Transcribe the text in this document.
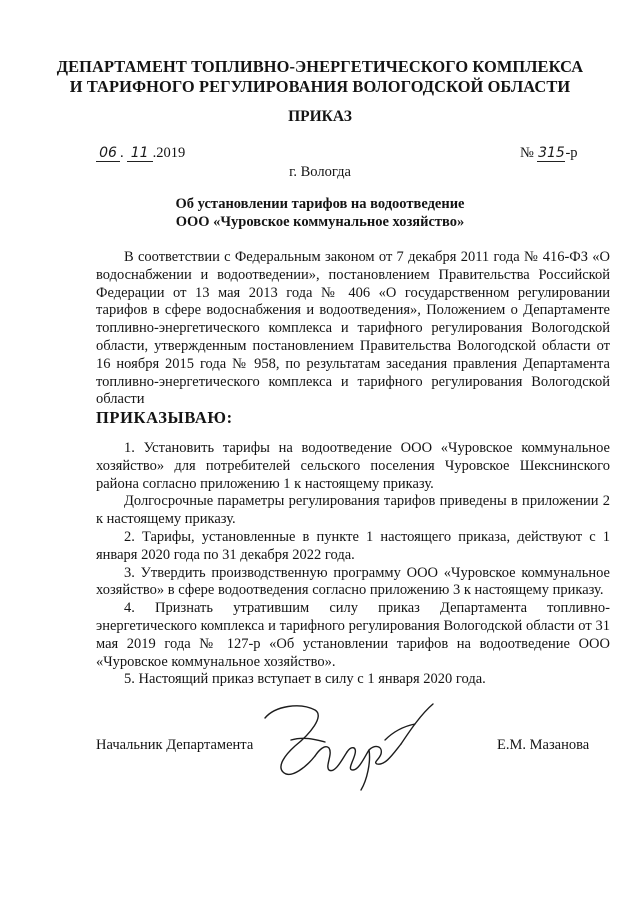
ДЕПАРТАМЕНТ ТОПЛИВНО-ЭНЕРГЕТИЧЕСКОГО КОМПЛЕКСА
И ТАРИФНОГО РЕГУЛИРОВАНИЯ ВОЛОГОДСКОЙ ОБЛАСТИ
ПРИКАЗ
06 . 11 .2019	№ 315-р
г. Вологда
Об установлении тарифов на водоотведение
ООО «Чуровское коммунальное хозяйство»

В соответствии с Федеральным законом от 7 декабря 2011 года № 416-ФЗ «О водоснабжении и водоотведении», постановлением Правительства Российской Федерации от 13 мая 2013 года № 406 «О государственном регулировании тарифов в сфере водоснабжения и водоотведения», Положением о Департаменте топливно-энергетического комплекса и тарифного регулирования Вологодской области, утвержденным постановлением Правительства Вологодской области от 16 ноября 2015 года № 958, по результатам заседания правления Департамента топливно-энергетического комплекса и тарифного регулирования Вологодской области

ПРИКАЗЫВАЮ:

1. Установить тарифы на водоотведение ООО «Чуровское коммунальное хозяйство» для потребителей сельского поселения Чуровское Шекснинского района согласно приложению 1 к настоящему приказу.

Долгосрочные параметры регулирования тарифов приведены в приложении 2 к настоящему приказу.

2. Тарифы, установленные в пункте 1 настоящего приказа, действуют с 1 января 2020 года по 31 декабря 2022 года.

3. Утвердить производственную программу ООО «Чуровское коммунальное хозяйство» в сфере водоотведения согласно приложению 3 к настоящему приказу.

4. Признать утратившим силу приказ Департамента топливно-энергетического комплекса и тарифного регулирования Вологодской области от 31 мая 2019 года № 127-р «Об установлении тарифов на водоотведение ООО «Чуровское коммунальное хозяйство».

5. Настоящий приказ вступает в силу с 1 января 2020 года.

Начальник Департамента	Е.М. Мазанова
